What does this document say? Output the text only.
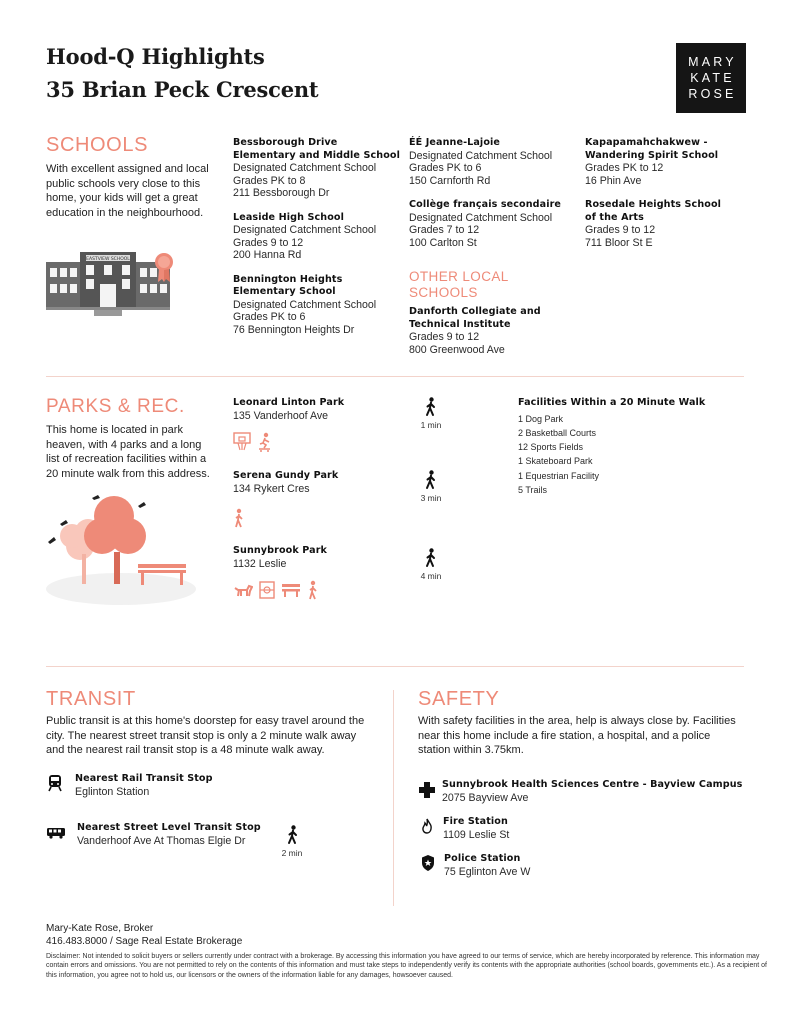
Hood-Q Highlights
35 Brian Peck Crescent
MARY
KATE
ROSE
SCHOOLS
With excellent assigned and local public schools very close to this home, your kids will get a great education in the neighbourhood.
EASTVIEW SCHOOL
Bessborough Drive
Elementary and Middle School
Designated Catchment School
Grades PK to 8
211 Bessborough Dr
Leaside High School
Designated Catchment School
Grades 9 to 12
200 Hanna Rd
Bennington Heights
Elementary School
Designated Catchment School
Grades PK to 6
76 Bennington Heights Dr
ÉÉ Jeanne-Lajoie
Designated Catchment School
Grades PK to 6
150 Carnforth Rd
Collège français secondaire
Designated Catchment School
Grades 7 to 12
100 Carlton St
OTHER LOCAL
SCHOOLS
Danforth Collegiate and
Technical Institute
Grades 9 to 12
800 Greenwood Ave
Kapapamahchakwew -
Wandering Spirit School
Grades PK to 12
16 Phin Ave
Rosedale Heights School
of the Arts
Grades 9 to 12
711 Bloor St E
PARKS & REC.
This home is located in park heaven, with 4 parks and a long list of recreation facilities within a 20 minute walk from this address.
Leonard Linton Park
135 Vanderhoof Ave
Serena Gundy Park
134 Rykert Cres
Sunnybrook Park
1132 Leslie
1 min
3 min
4 min
Facilities Within a 20 Minute Walk
1 Dog Park
2 Basketball Courts
12 Sports Fields
1 Skateboard Park
1 Equestrian Facility
5 Trails
TRANSIT
Public transit is at this home's doorstep for easy travel around the city. The nearest street transit stop is only a 2 minute walk away and the nearest rail transit stop is a 48 minute walk away.
Nearest Rail Transit Stop
Eglinton Station
Nearest Street Level Transit Stop
Vanderhoof Ave At Thomas Elgie Dr
2 min
SAFETY
With safety facilities in the area, help is always close by. Facilities near this home include a fire station, a hospital, and a police station within 3.75km.
Sunnybrook Health Sciences Centre - Bayview Campus
2075 Bayview Ave
Fire Station
1109 Leslie St
Police Station
75 Eglinton Ave W
Mary-Kate Rose, Broker
416.483.8000 / Sage Real Estate Brokerage
Disclaimer: Not intended to solicit buyers or sellers currently under contract with a brokerage. By accessing this information you have agreed to our terms of service, which are hereby incorporated by reference. This information may contain errors and omissions. You are not permitted to rely on the contents of this information and must take steps to independently verify its contents with the appropriate authorities (school boards, governments etc.). As a recipient of this information, you agree not to hold us, our licensors or the owners of the information liable for any damages, howsoever caused.
